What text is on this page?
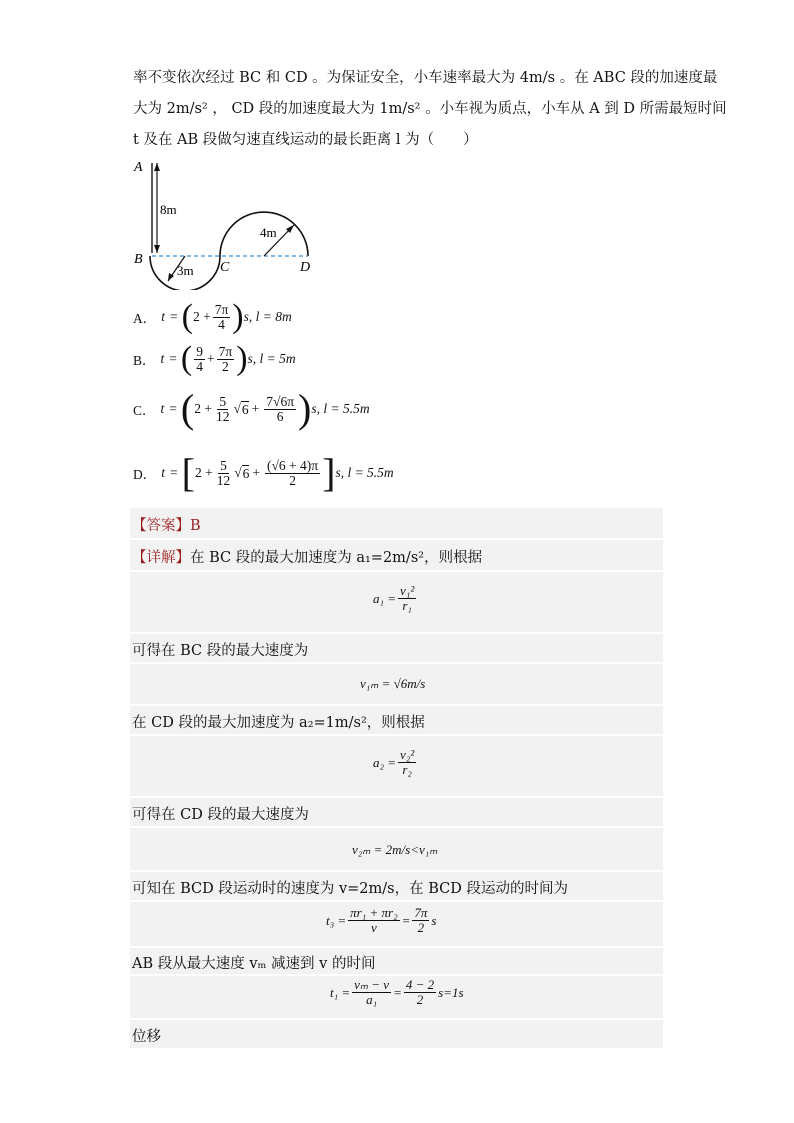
率不变依次经过 BC 和 CD 。为保证安全，小车速率最大为 4m/s 。在 ABC 段的加速度最
大为 2m/s² ， CD 段的加速度最大为 1m/s² 。小车视为质点，小车从 A 到 D 所需最短时间
t 及在 AB 段做匀速直线运动的最长距离 l 为（　　）
A
B
C	D
8m
3m
4m
A． t = ( $2 + \frac{7\pi}{4}$ ) s, l = 8m
B． t = ( $\frac{9}{4} + \frac{7\pi}{2}$ ) s, l = 5m
C． t = ( $2 + \frac{5}{12}$ √ $6 + \frac{7√6\pi}{6}$ ) s, l = 5.5m
D． t = [ $2 + \frac{5}{12}$ √ $6 + \frac{(√6 + 4)\pi}{2}$ ] s, l = 5.5m
【答案】B
【详解】在 BC 段的最大加速度为 a₁=2m/s²，则根据
$a_1 = \frac{\text{v₁²}}{\text{r₁}}$
可得在 BC 段的最大速度为
v₁ₘ = √6m/s
在 CD 段的最大加速度为 a₂=1m/s²，则根据
$a_2 = \frac{\text{v₂²}}{\text{r₂}}$
可得在 CD 段的最大速度为
v₂ₘ = 2m/s<v₁ₘ
可知在 BCD 段运动时的速度为 v=2m/s，在 BCD 段运动的时间为
$t_3 = \frac{\text{πr₁ + πr₂}}{v} = \frac{7\pi}{2}$ s
AB 段从最大速度 vₘ 减速到 v 的时间
$t_1 = \frac{\text{vₘ − v}}{\text{a₁}} = \frac{4 - 2}{2} s=1s$
位移
